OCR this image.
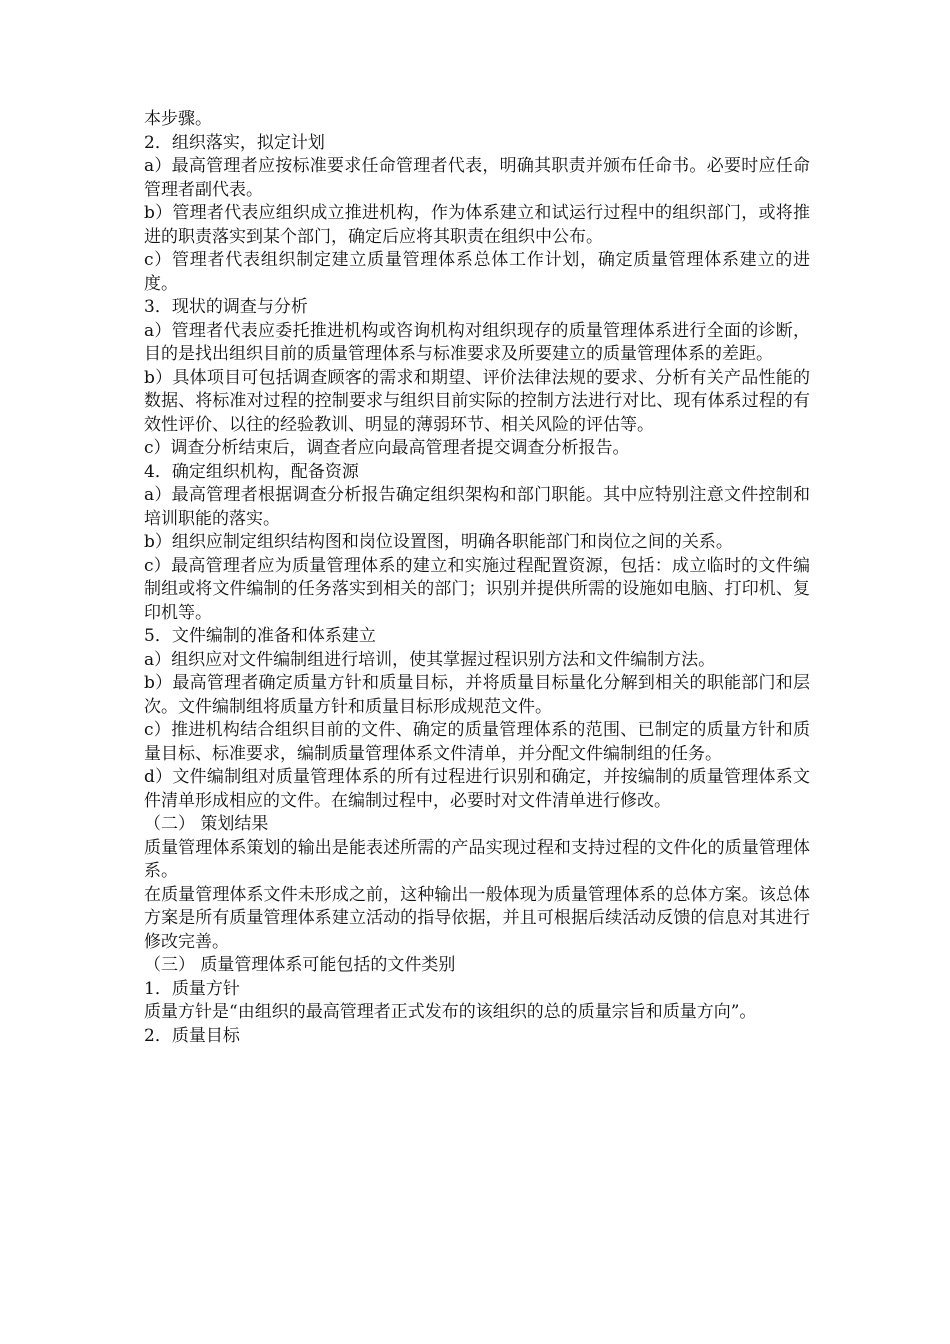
本步骤。

2．组织落实，拟定计划

a）最高管理者应按标准要求任命管理者代表，明确其职责并颁布任命书。必要时应任命管理者副代表。

b）管理者代表应组织成立推进机构，作为体系建立和试运行过程中的组织部门，或将推进的职责落实到某个部门，确定后应将其职责在组织中公布。

c）管理者代表组织制定建立质量管理体系总体工作计划，确定质量管理体系建立的进度。

3．现状的调查与分析

a）管理者代表应委托推进机构或咨询机构对组织现存的质量管理体系进行全面的诊断，目的是找出组织目前的质量管理体系与标准要求及所要建立的质量管理体系的差距。

b）具体项目可包括调查顾客的需求和期望、评价法律法规的要求、分析有关产品性能的数据、将标准对过程的控制要求与组织目前实际的控制方法进行对比、现有体系过程的有效性评价、以往的经验教训、明显的薄弱环节、相关风险的评估等。

c）调查分析结束后，调查者应向最高管理者提交调查分析报告。

4．确定组织机构，配备资源

a）最高管理者根据调查分析报告确定组织架构和部门职能。其中应特别注意文件控制和培训职能的落实。

b）组织应制定组织结构图和岗位设置图，明确各职能部门和岗位之间的关系。

c）最高管理者应为质量管理体系的建立和实施过程配置资源，包括：成立临时的文件编制组或将文件编制的任务落实到相关的部门；识别并提供所需的设施如电脑、打印机、复印机等。

5．文件编制的准备和体系建立

a）组织应对文件编制组进行培训，使其掌握过程识别方法和文件编制方法。

b）最高管理者确定质量方针和质量目标，并将质量目标量化分解到相关的职能部门和层次。文件编制组将质量方针和质量目标形成规范文件。

c）推进机构结合组织目前的文件、确定的质量管理体系的范围、已制定的质量方针和质量目标、标准要求，编制质量管理体系文件清单，并分配文件编制组的任务。

d）文件编制组对质量管理体系的所有过程进行识别和确定，并按编制的质量管理体系文件清单形成相应的文件。在编制过程中，必要时对文件清单进行修改。

（二） 策划结果

质量管理体系策划的输出是能表述所需的产品实现过程和支持过程的文件化的质量管理体系。

在质量管理体系文件未形成之前，这种输出一般体现为质量管理体系的总体方案。该总体方案是所有质量管理体系建立活动的指导依据，并且可根据后续活动反馈的信息对其进行修改完善。

（三） 质量管理体系可能包括的文件类别

1．质量方针

质量方针是“由组织的最高管理者正式发布的该组织的总的质量宗旨和质量方向”。

2．质量目标
